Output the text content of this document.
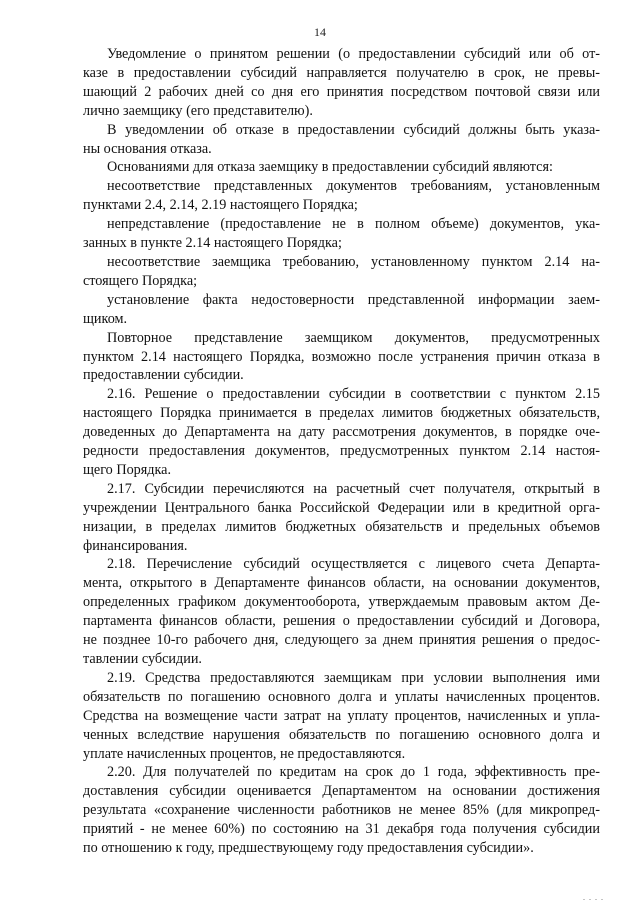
14

Уведомление о принятом решении (о предоставлении субсидий или об от-
казе в предоставлении субсидий направляется получателю в срок, не превы-
шающий 2 рабочих дней со дня его принятия посредством почтовой связи или
лично заемщику (его представителю).

В уведомлении об отказе в предоставлении субсидий должны быть указа-
ны основания отказа.

Основаниями для отказа заемщику в предоставлении субсидий являются:

несоответствие представленных документов требованиям, установленным
пунктами 2.4, 2.14, 2.19 настоящего Порядка;

непредставление (предоставление не в полном объеме) документов, ука-
занных в пункте 2.14 настоящего Порядка;

несоответствие заемщика требованию, установленному пунктом 2.14 на-
стоящего Порядка;

установление факта недостоверности представленной информации заем-
щиком.

Повторное представление заемщиком документов, предусмотренных
пунктом 2.14 настоящего Порядка, возможно после устранения причин отказа в
предоставлении субсидии.

2.16. Решение о предоставлении субсидии в соответствии с пунктом 2.15
настоящего Порядка принимается в пределах лимитов бюджетных обязательств,
доведенных до Департамента на дату рассмотрения документов, в порядке оче-
редности предоставления документов, предусмотренных пунктом 2.14 настоя-
щего Порядка.

2.17. Субсидии перечисляются на расчетный счет получателя, открытый в
учреждении Центрального банка Российской Федерации или в кредитной орга-
низации, в пределах лимитов бюджетных обязательств и предельных объемов
финансирования.

2.18. Перечисление субсидий осуществляется с лицевого счета Департа-
мента, открытого в Департаменте финансов области, на основании документов,
определенных графиком документооборота, утверждаемым правовым актом Де-
партамента финансов области, решения о предоставлении субсидий и Договора,
не позднее 10-го рабочего дня, следующего за днем принятия решения о предос-
тавлении субсидии.

2.19. Средства предоставляются заемщикам при условии выполнения ими
обязательств по погашению основного долга и уплаты начисленных процентов.
Средства на возмещение части затрат на уплату процентов, начисленных и упла-
ченных вследствие нарушения обязательств по погашению основного долга и
уплате начисленных процентов, не предоставляются.

2.20. Для получателей по кредитам на срок до 1 года, эффективность пре-
доставления субсидии оценивается Департаментом на основании достижения
результата «сохранение численности работников не менее 85% (для микропред-
приятий - не менее 60%) по состоянию на 31 декабря года получения субсидии
по отношению к году, предшествующему году предоставления субсидии».

. . . .
